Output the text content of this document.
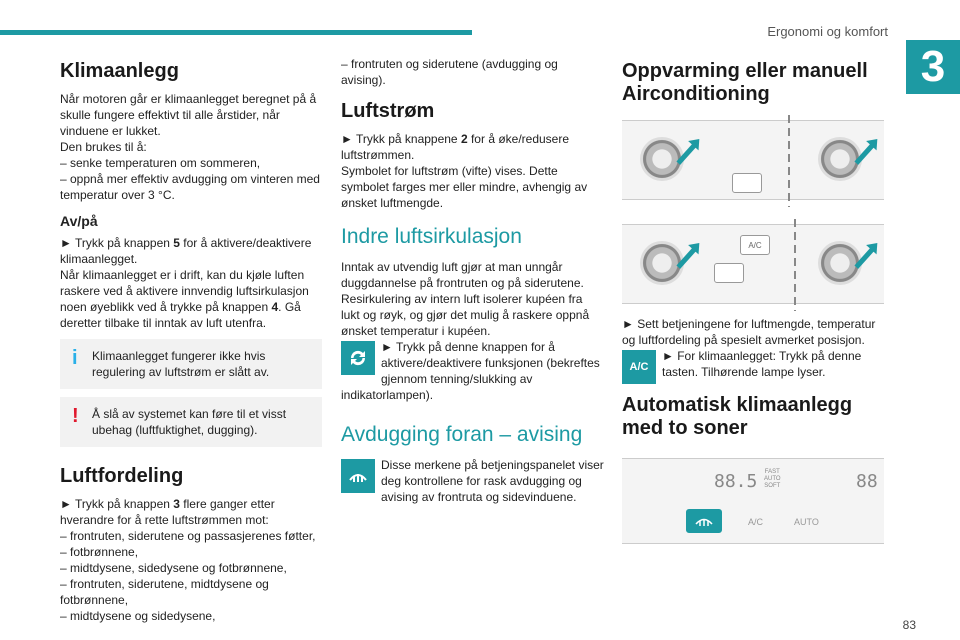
Ergonomi og komfort
3
83
Klimaanlegg

Når motoren går er klimaanlegget beregnet på å skulle fungere effektivt til alle årstider, når vinduene er lukket.

Den brukes til å:

– senke temperaturen om sommeren,

– oppnå mer effektiv avdugging om vinteren med temperatur over 3 °C.

Av/på

► Trykk på knappen 5 for å aktivere/deaktivere klimaanlegget.

Når klimaanlegget er i drift, kan du kjøle luften raskere ved å aktivere innvendig luftsirkulasjon noen øyeblikk ved å trykke på knappen 4. Gå deretter tilbake til inntak av luft utenfra.

i Klimaanlegget fungerer ikke hvis regulering av luftstrøm er slått av.
! Å slå av systemet kan føre til et visst ubehag (luftfuktighet, dugging).
Luftfordeling

► Trykk på knappen 3 flere ganger etter hverandre for å rette luftstrømmen mot:

– frontruten, siderutene og passasjerenes føtter,

– fotbrønnene,

– midtdysene, sidedysene og fotbrønnene,

– frontruten, siderutene, midtdysene og fotbrønnene,

– midtdysene og sidedysene,

– frontruten og siderutene (avdugging og avising).

Luftstrøm

► Trykk på knappene 2 for å øke/redusere luftstrømmen.

Symbolet for luftstrøm (vifte) vises. Dette symbolet farges mer eller mindre, avhengig av ønsket luftmengde.

Indre luftsirkulasjon

Inntak av utvendig luft gjør at man unngår duggdannelse på frontruten og på siderutene. Resirkulering av intern luft isolerer kupéen fra lukt og røyk, og gjør det mulig å raskere oppnå ønsket temperatur i kupéen.

► Trykk på denne knappen for å aktivere/deaktivere funksjonen (bekreftes gjennom tenning/slukking av indikatorlampen).

Avdugging foran – avising

Disse merkene på betjeningspanelet viser deg kontrollene for rask avdugging og avising av frontruta og sidevinduene.

Oppvarming eller manuell Airconditioning
A/C

► Sett betjeningene for luftmengde, temperatur og luftfordeling på spesielt avmerket posisjon.

A/C

► For klimaanlegget: Trykk på denne tasten. Tilhørende lampe lyser.

Automatisk klimaanlegg med to soner
88.5 FAST
AUTO
SOFT	88
A/C	AUTO
